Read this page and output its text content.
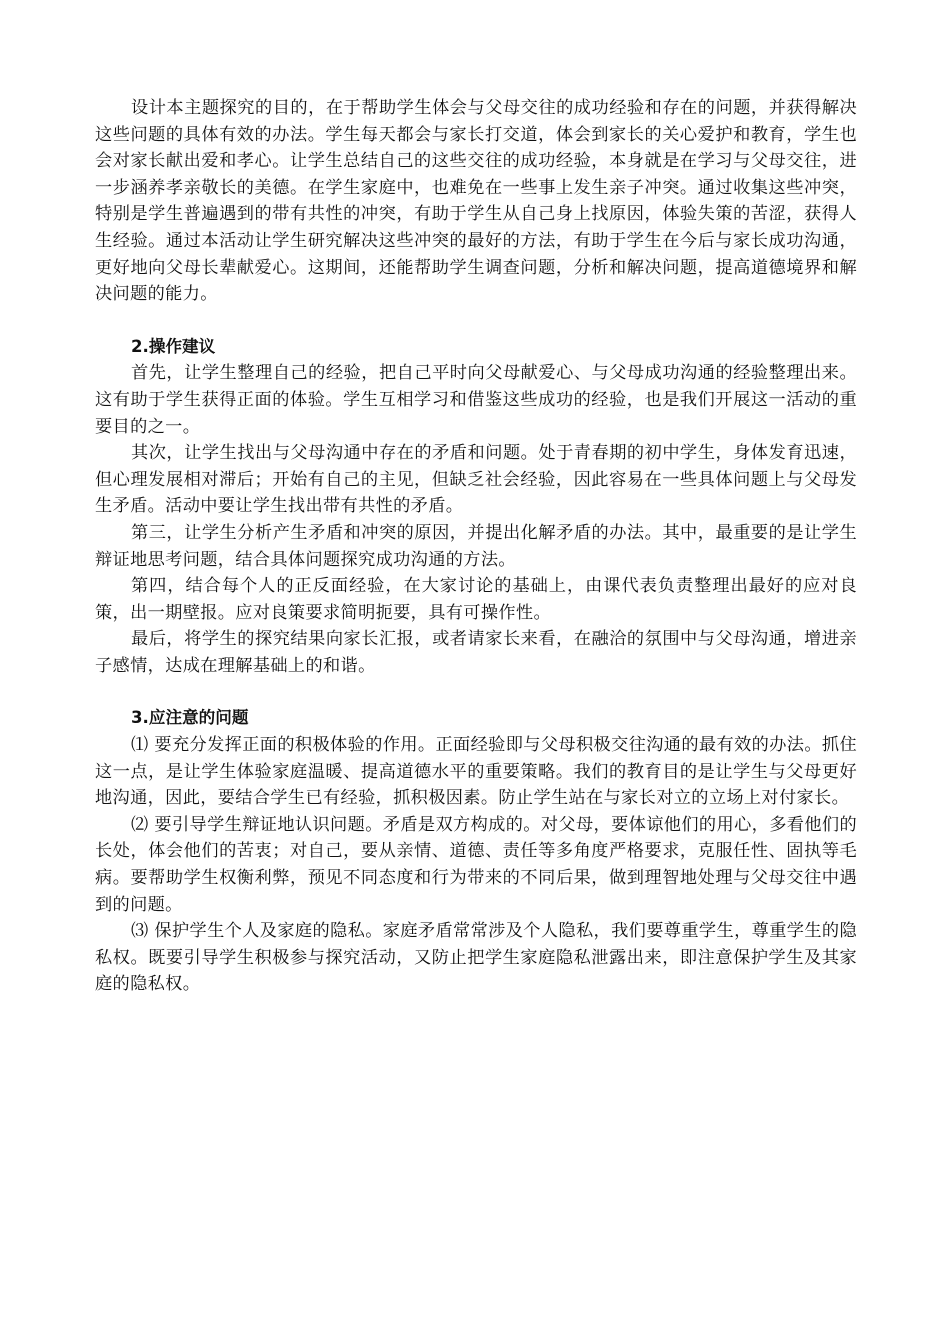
设计本主题探究的目的，在于帮助学生体会与父母交往的成功经验和存在的问题，并获得解决这些问题的具体有效的办法。学生每天都会与家长打交道，体会到家长的关心爱护和教育，学生也会对家长献出爱和孝心。让学生总结自己的这些交往的成功经验，本身就是在学习与父母交往，进一步涵养孝亲敬长的美德。在学生家庭中，也难免在一些事上发生亲子冲突。通过收集这些冲突，特别是学生普遍遇到的带有共性的冲突，有助于学生从自己身上找原因，体验失策的苦涩，获得人生经验。通过本活动让学生研究解决这些冲突的最好的方法，有助于学生在今后与家长成功沟通，更好地向父母长辈献爱心。这期间，还能帮助学生调查问题，分析和解决问题，提高道德境界和解决问题的能力。

2.操作建议

首先，让学生整理自己的经验，把自己平时向父母献爱心、与父母成功沟通的经验整理出来。这有助于学生获得正面的体验。学生互相学习和借鉴这些成功的经验，也是我们开展这一活动的重要目的之一。

其次，让学生找出与父母沟通中存在的矛盾和问题。处于青春期的初中学生，身体发育迅速，但心理发展相对滞后；开始有自己的主见，但缺乏社会经验，因此容易在一些具体问题上与父母发生矛盾。活动中要让学生找出带有共性的矛盾。

第三，让学生分析产生矛盾和冲突的原因，并提出化解矛盾的办法。其中，最重要的是让学生辩证地思考问题，结合具体问题探究成功沟通的方法。

第四，结合每个人的正反面经验，在大家讨论的基础上，由课代表负责整理出最好的应对良策，出一期壁报。应对良策要求简明扼要，具有可操作性。

最后，将学生的探究结果向家长汇报，或者请家长来看，在融洽的氛围中与父母沟通，增进亲子感情，达成在理解基础上的和谐。

3.应注意的问题

⑴ 要充分发挥正面的积极体验的作用。正面经验即与父母积极交往沟通的最有效的办法。抓住这一点，是让学生体验家庭温暖、提高道德水平的重要策略。我们的教育目的是让学生与父母更好地沟通，因此，要结合学生已有经验，抓积极因素。防止学生站在与家长对立的立场上对付家长。

⑵ 要引导学生辩证地认识问题。矛盾是双方构成的。对父母，要体谅他们的用心，多看他们的长处，体会他们的苦衷；对自己，要从亲情、道德、责任等多角度严格要求，克服任性、固执等毛病。要帮助学生权衡利弊，预见不同态度和行为带来的不同后果，做到理智地处理与父母交往中遇到的问题。

⑶ 保护学生个人及家庭的隐私。家庭矛盾常常涉及个人隐私，我们要尊重学生，尊重学生的隐私权。既要引导学生积极参与探究活动，又防止把学生家庭隐私泄露出来，即注意保护学生及其家庭的隐私权。
